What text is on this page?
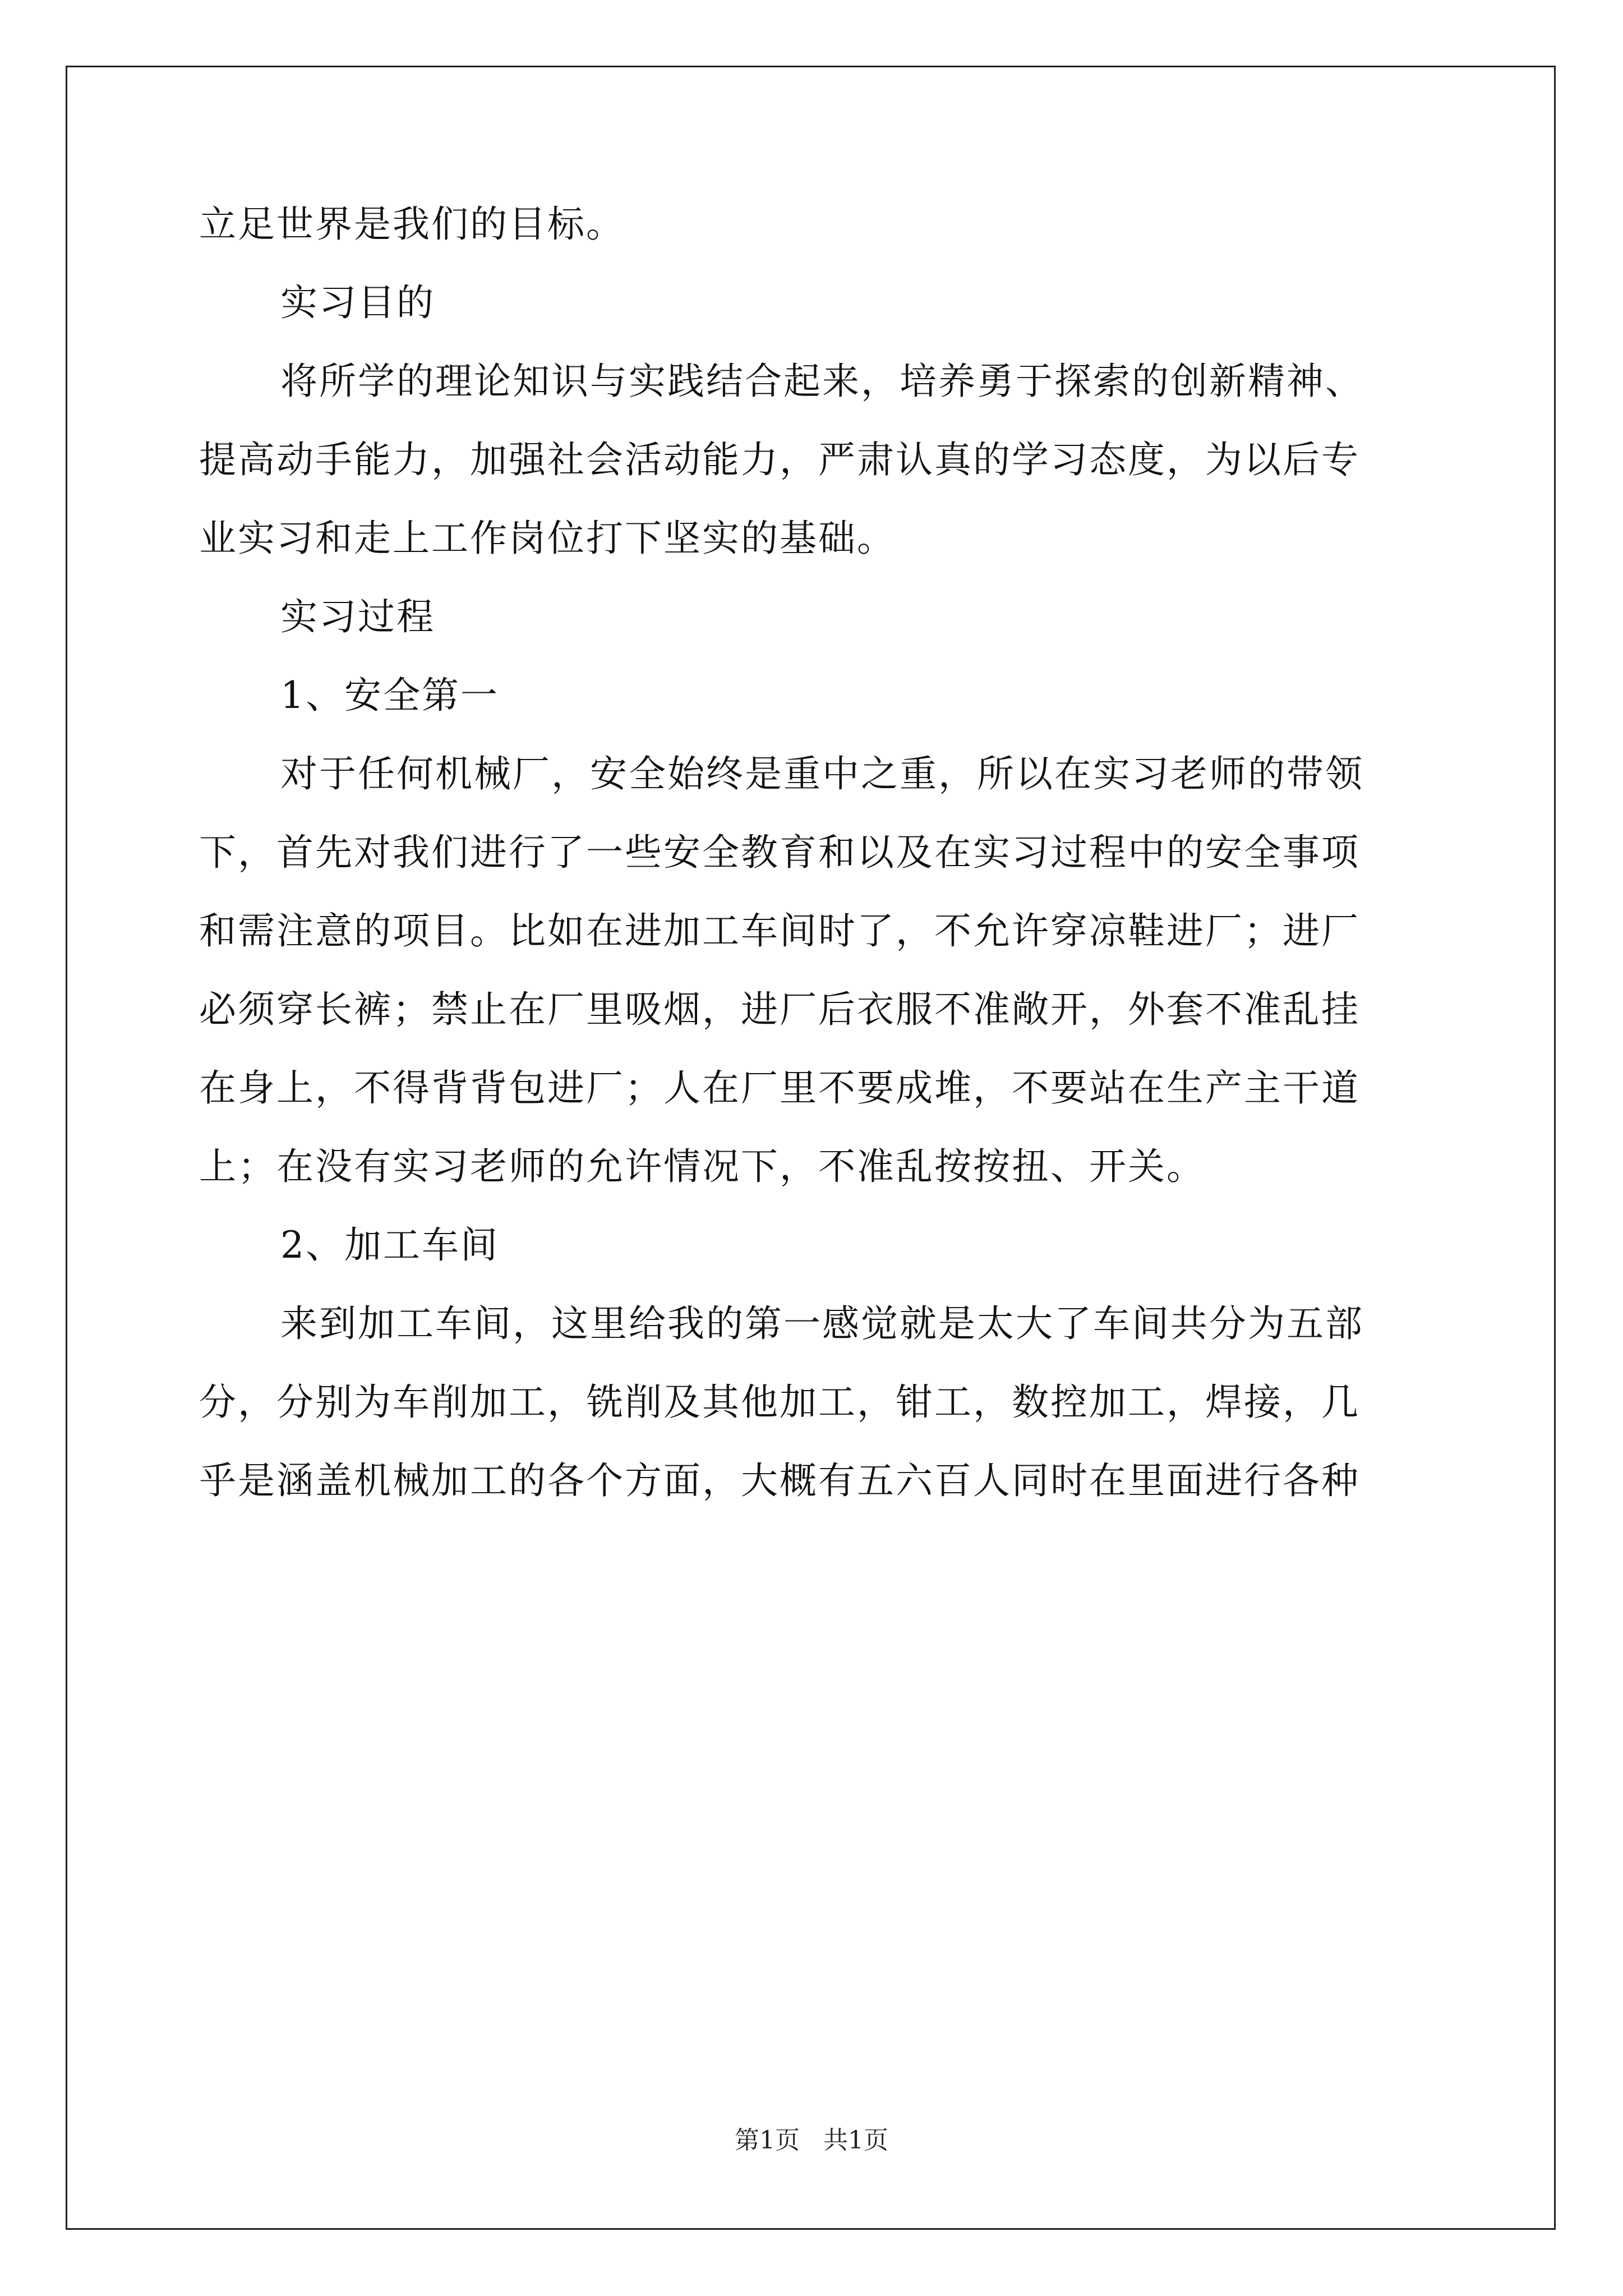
立足世界是我们的目标。
实习目的
将所学的理论知识与实践结合起来，培养勇于探索的创新精神、
提高动手能力，加强社会活动能力，严肃认真的学习态度，为以后专
业实习和走上工作岗位打下坚实的基础。
实习过程
1、安全第一
对于任何机械厂，安全始终是重中之重，所以在实习老师的带领
下，首先对我们进行了一些安全教育和以及在实习过程中的安全事项
和需注意的项目。比如在进加工车间时了，不允许穿凉鞋进厂；进厂
必须穿长裤；禁止在厂里吸烟，进厂后衣服不准敞开，外套不准乱挂
在身上，不得背背包进厂；人在厂里不要成堆，不要站在生产主干道
上；在没有实习老师的允许情况下，不准乱按按扭、开关。
2、加工车间
来到加工车间，这里给我的第一感觉就是太大了车间共分为五部
分，分别为车削加工，铣削及其他加工，钳工，数控加工，焊接，几
乎是涵盖机械加工的各个方面，大概有五六百人同时在里面进行各种
第1页   共1页
